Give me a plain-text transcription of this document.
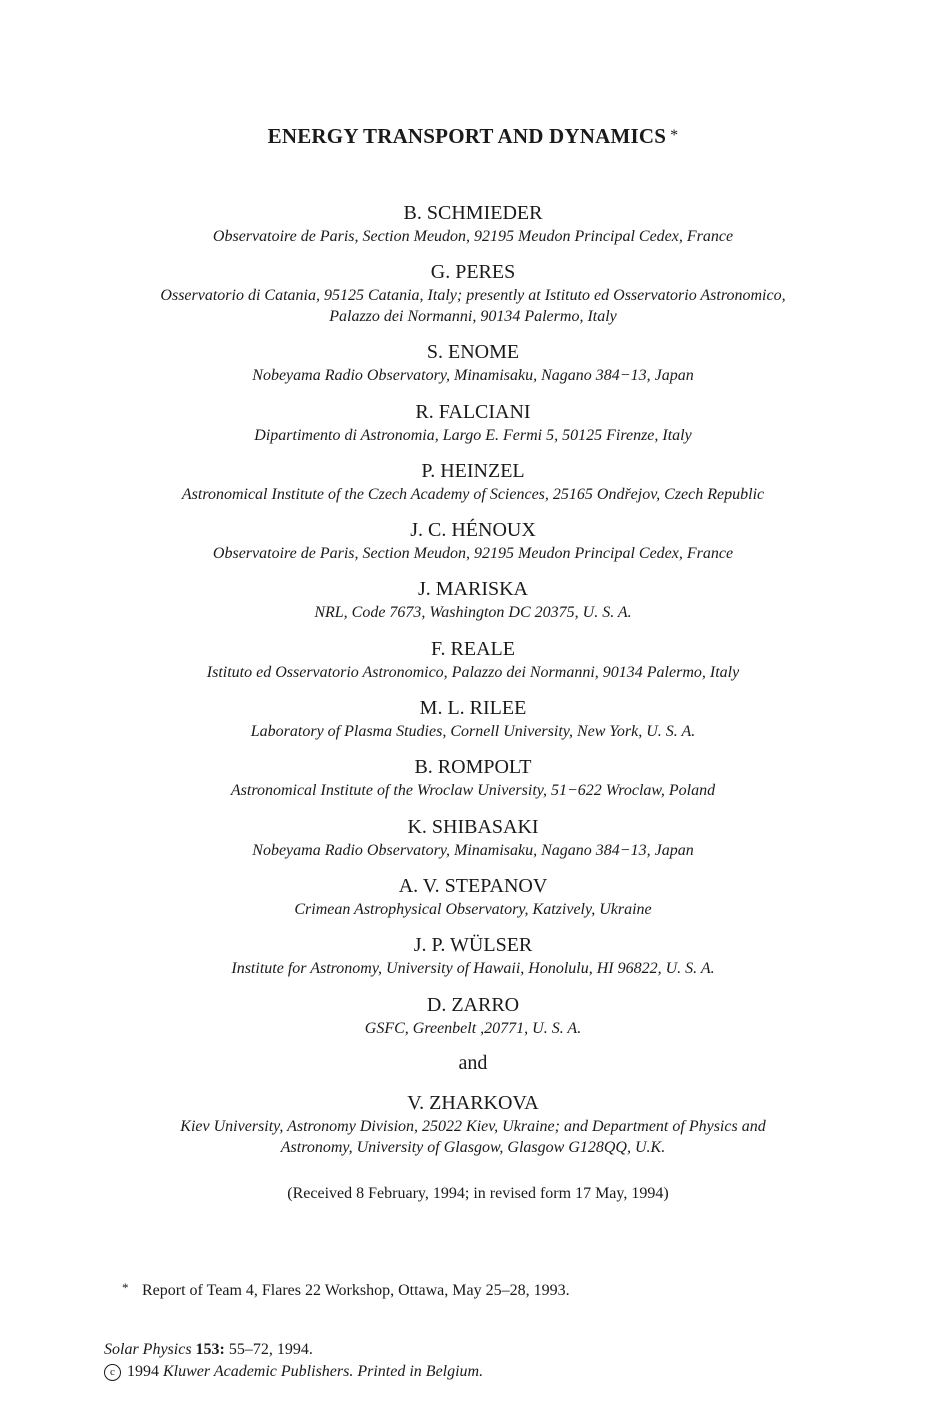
ENERGY TRANSPORT AND DYNAMICS *
B. SCHMIEDER
Observatoire de Paris, Section Meudon, 92195 Meudon Principal Cedex, France
G. PERES
Osservatorio di Catania, 95125 Catania, Italy; presently at Istituto ed Osservatorio Astronomico,
Palazzo dei Normanni, 90134 Palermo, Italy
S. ENOME
Nobeyama Radio Observatory, Minamisaku, Nagano 384−13, Japan
R. FALCIANI
Dipartimento di Astronomia, Largo E. Fermi 5, 50125 Firenze, Italy
P. HEINZEL
Astronomical Institute of the Czech Academy of Sciences, 25165 Ondřejov, Czech Republic
J. C. HÉNOUX
Observatoire de Paris, Section Meudon, 92195 Meudon Principal Cedex, France
J. MARISKA
NRL, Code 7673, Washington DC 20375, U. S. A.
F. REALE
Istituto ed Osservatorio Astronomico, Palazzo dei Normanni, 90134 Palermo, Italy
M. L. RILEE
Laboratory of Plasma Studies, Cornell University, New York, U. S. A.
B. ROMPOLT
Astronomical Institute of the Wroclaw University, 51−622 Wroclaw, Poland
K. SHIBASAKI
Nobeyama Radio Observatory, Minamisaku, Nagano 384−13, Japan
A. V. STEPANOV
Crimean Astrophysical Observatory, Katzively, Ukraine
J. P. WÜLSER
Institute for Astronomy, University of Hawaii, Honolulu, HI 96822, U. S. A.
D. ZARRO
GSFC, Greenbelt ,20771, U. S. A.
and
V. ZHARKOVA
Kiev University, Astronomy Division, 25022 Kiev, Ukraine; and Department of Physics and
Astronomy, University of Glasgow, Glasgow G128QQ, U.K.
(Received 8 February, 1994; in revised form 17 May, 1994)
* Report of Team 4, Flares 22 Workshop, Ottawa, May 25–28, 1993.
Solar Physics 153: 55–72, 1994.
c 1994 Kluwer Academic Publishers. Printed in Belgium.
